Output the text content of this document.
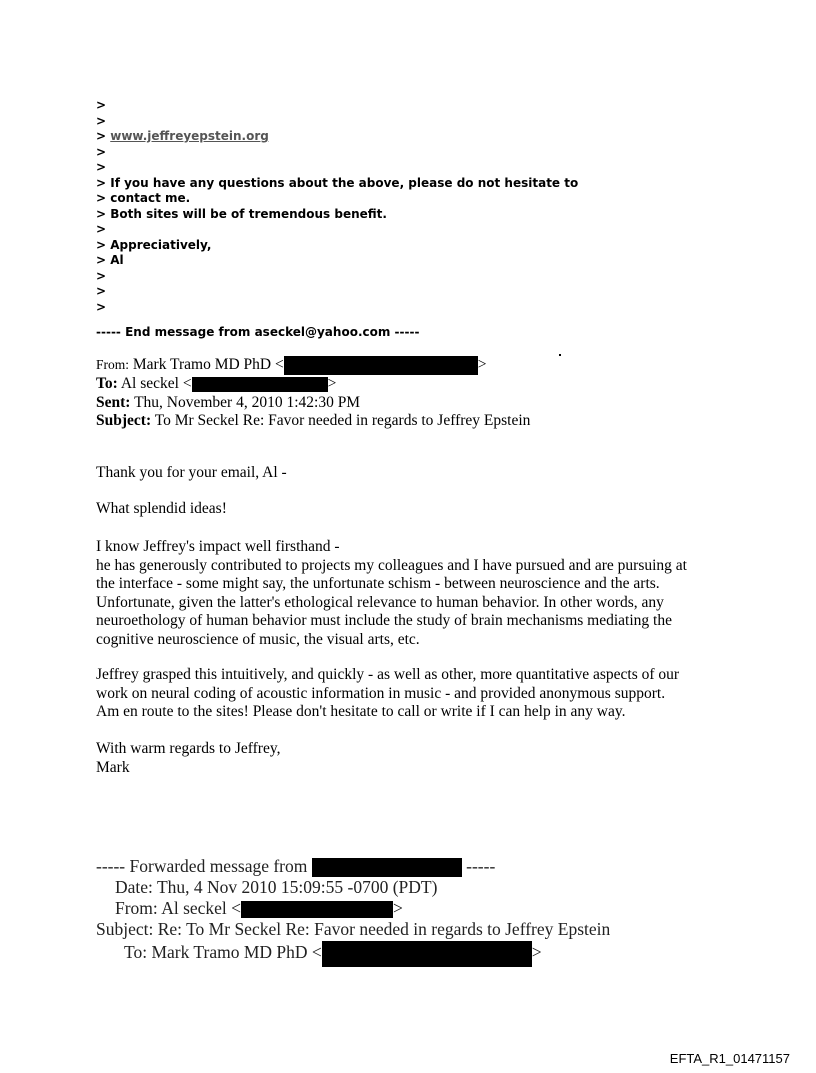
>

>

> www.jeffreyepstein.org

>

>

> If you have any questions about the above, please do not hesitate to

> contact me.

> Both sites will be of tremendous benefit.

>

> Appreciatively,

> Al

>

>

>

----- End message from aseckel@yahoo.com -----

From: Mark Tramo MD PhD <	>

To: Al seckel <	>

Sent: Thu, November 4, 2010 1:42:30 PM

Subject: To Mr Seckel Re: Favor needed in regards to Jeffrey Epstein

Thank you for your email, Al -
What splendid ideas!

I know Jeffrey's impact well firsthand -

he has generously contributed to projects my colleagues and I have pursued and are pursuing at

the interface - some might say, the unfortunate schism - between neuroscience and the arts.

Unfortunate, given the latter's ethological relevance to human behavior. In other words, any

neuroethology of human behavior must include the study of brain mechanisms mediating the

cognitive neuroscience of music, the visual arts, etc.

Jeffrey grasped this intuitively, and quickly - as well as other, more quantitative aspects of our

work on neural coding of acoustic information in music - and provided anonymous support.

Am en route to the sites! Please don't hesitate to call or write if I can help in any way.

With warm regards to Jeffrey,

Mark

----- Forwarded message from	-----
Date: Thu, 4 Nov 2010 15:09:55 -0700 (PDT)
From: Al seckel <	>
Subject: Re: To Mr Seckel Re: Favor needed in regards to Jeffrey Epstein
To: Mark Tramo MD PhD <	>
EFTA_R1_01471157
